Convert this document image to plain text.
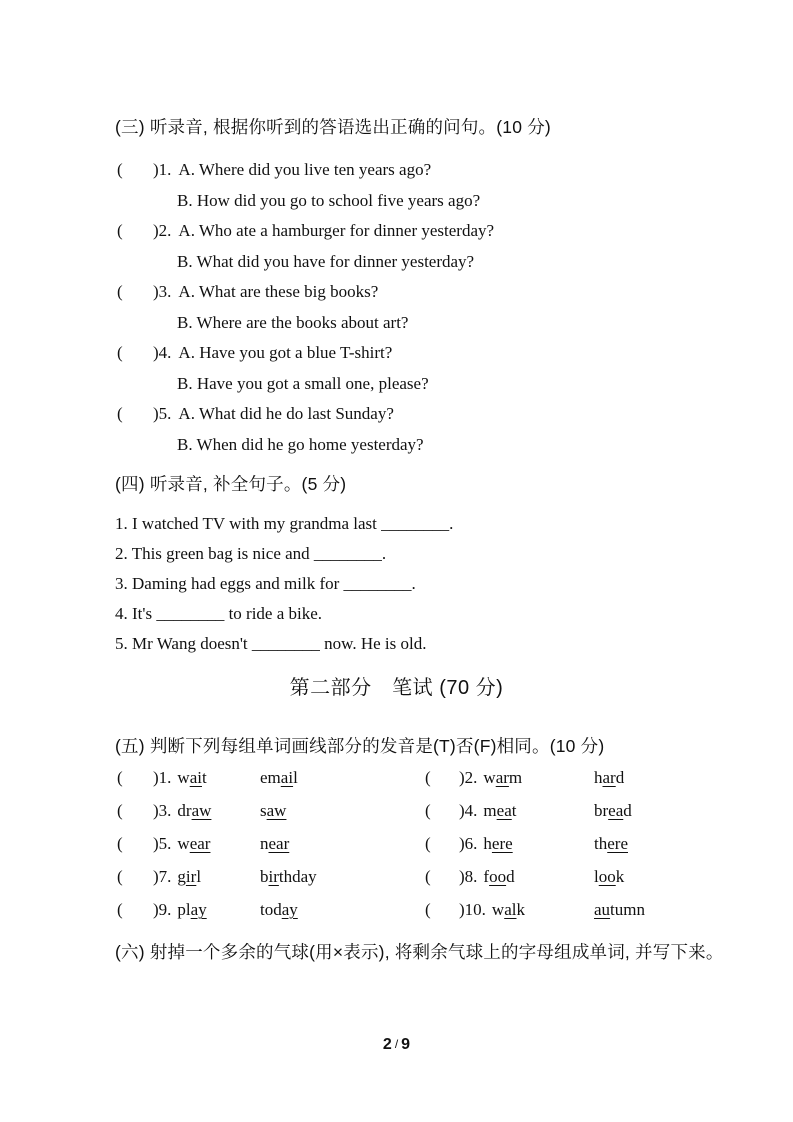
(三) 听录音, 根据你听到的答语选出正确的问句。(10 分)
(	)1. A. Where did you live ten years ago?
B. How did you go to school five years ago?
(	)2. A. Who ate a hamburger for dinner yesterday?
B. What did you have for dinner yesterday?
(	)3. A. What are these big books?
B. Where are the books about art?
(	)4. A. Have you got a blue T-shirt?
B. Have you got a small one, please?
(	)5. A. What did he do last Sunday?
B. When did he go home yesterday?
(四) 听录音, 补全句子。(5 分)
1. I watched TV with my grandma last ________.
2. This green bag is nice and ________.
3. Daming had eggs and milk for ________.
4. It's ________ to ride a bike.
5. Mr Wang doesn't ________ now. He is old.
第二部分　笔试 (70 分)
(五) 判断下列每组单词画线部分的发音是(T)否(F)相同。(10 分)
(	)1. wait	email	(	)2. warm	hard
(	)3. draw	saw	(	)4. meat	bread
(	)5. wear	near	(	)6. here	there
(	)7. girl	birthday	(	)8. food	look
(	)9. play	today	(	)10. walk	autumn
(六) 射掉一个多余的气球(用×表示), 将剩余气球上的字母组成单词, 并写下来。
2 / 9
